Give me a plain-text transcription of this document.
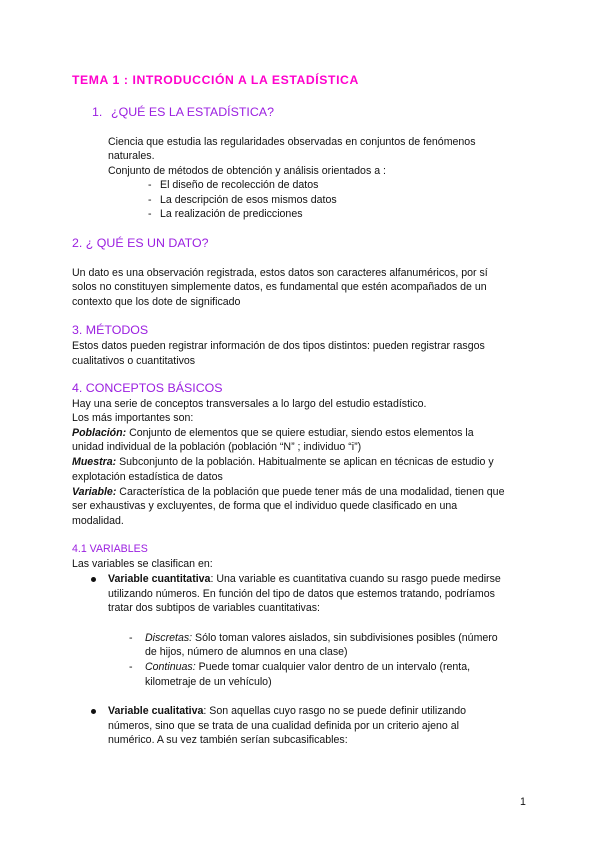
TEMA 1 : INTRODUCCIÓN A LA ESTADÍSTICA
1. ¿QUÉ ES LA ESTADÍSTICA?
Ciencia que estudia las regularidades observadas en conjuntos de fenómenos
naturales.
Conjunto de métodos de obtención y análisis orientados a :
- El diseño de recolección de datos
- La descripción de esos mismos datos
- La realización de predicciones
2. ¿ QUÉ ES UN DATO?
Un dato es una observación registrada, estos datos son caracteres alfanuméricos, por sí
solos no constituyen simplemente datos, es fundamental que estén acompañados de un
contexto que los dote de significado
3. MÉTODOS
Estos datos pueden registrar información de dos tipos distintos: pueden registrar rasgos
cualitativos o cuantitativos
4. CONCEPTOS BÁSICOS
Hay una serie de conceptos transversales a lo largo del estudio estadístico.
Los más importantes son:
Población: Conjunto de elementos que se quiere estudiar, siendo estos elementos la
unidad individual de la población (población “N” ; individuo “i”)
Muestra: Subconjunto de la población. Habitualmente se aplican en técnicas de estudio y
explotación estadística de datos
Variable: Característica de la población que puede tener más de una modalidad, tienen que
ser exhaustivas y excluyentes, de forma que el individuo quede clasificado en una
modalidad.
4.1 VARIABLES
Las variables se clasifican en:
Variable cuantitativa: Una variable es cuantitativa cuando su rasgo puede medirse
utilizando números. En función del tipo de datos que estemos tratando, podríamos
tratar dos subtipos de variables cuantitativas:
- Discretas: Sólo toman valores aislados, sin subdivisiones posibles (número
de hijos, número de alumnos en una clase)
- Continuas: Puede tomar cualquier valor dentro de un intervalo (renta,
kilometraje de un vehículo)
Variable cualitativa: Son aquellas cuyo rasgo no se puede definir utilizando
números, sino que se trata de una cualidad definida por un criterio ajeno al
numérico. A su vez también serían subcasificables:
1
